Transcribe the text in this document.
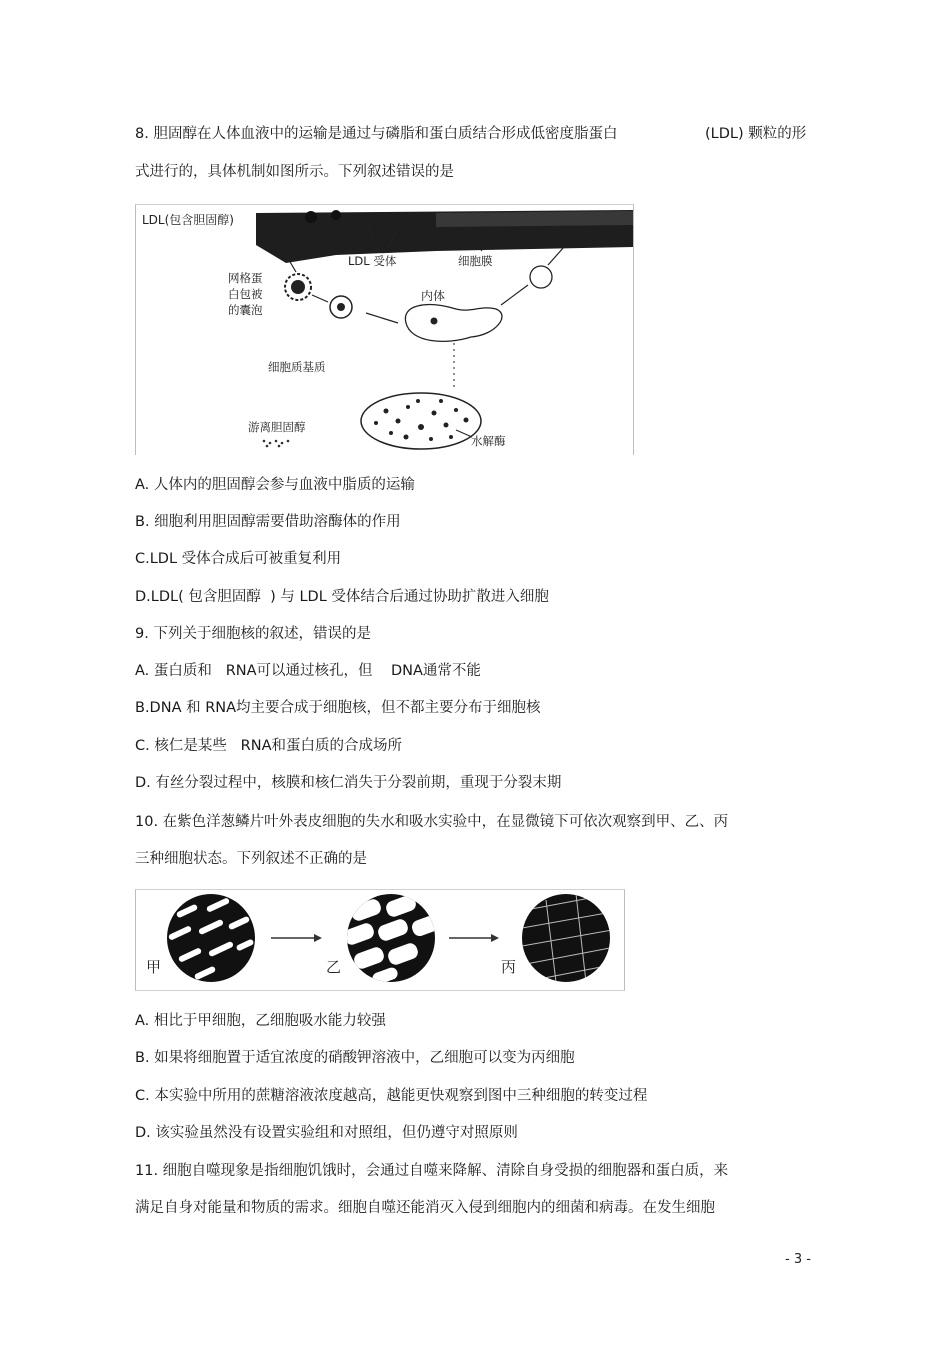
8. 胆固醇在人体血液中的运输是通过与磷脂和蛋白质结合形成低密度脂蛋白	(LDL) 颗粒的形

式进行的，具体机制如图所示。下列叙述错误的是

LDL(包含胆固醇)
LDL 受体	细胞膜
网格蛋
白包被
的囊泡
内体
细胞质基质
游离胆固醇
水解酶

A. 人体内的胆固醇会参与血液中脂质的运输

B. 细胞利用胆固醇需要借助溶酶体的作用

C.LDL 受体合成后可被重复利用

D.LDL( 包含胆固醇  ) 与 LDL 受体结合后通过协助扩散进入细胞

9. 下列关于细胞核的叙述，错误的是

A. 蛋白质和   RNA可以通过核孔，但    DNA通常不能

B.DNA 和 RNA均主要合成于细胞核，但不都主要分布于细胞核

C. 核仁是某些   RNA和蛋白质的合成场所

D. 有丝分裂过程中，核膜和核仁消失于分裂前期，重现于分裂末期

10. 在紫色洋葱鳞片叶外表皮细胞的失水和吸水实验中，在显微镜下可依次观察到甲、乙、丙

三种细胞状态。下列叙述不正确的是

甲	乙	丙

A. 相比于甲细胞，乙细胞吸水能力较强

B. 如果将细胞置于适宜浓度的硝酸钾溶液中，乙细胞可以变为丙细胞

C. 本实验中所用的蔗糖溶液浓度越高，越能更快观察到图中三种细胞的转变过程

D. 该实验虽然没有设置实验组和对照组，但仍遵守对照原则

11. 细胞自噬现象是指细胞饥饿时，会通过自噬来降解、清除自身受损的细胞器和蛋白质，来

满足自身对能量和物质的需求。细胞自噬还能消灭入侵到细胞内的细菌和病毒。在发生细胞

- 3 -
